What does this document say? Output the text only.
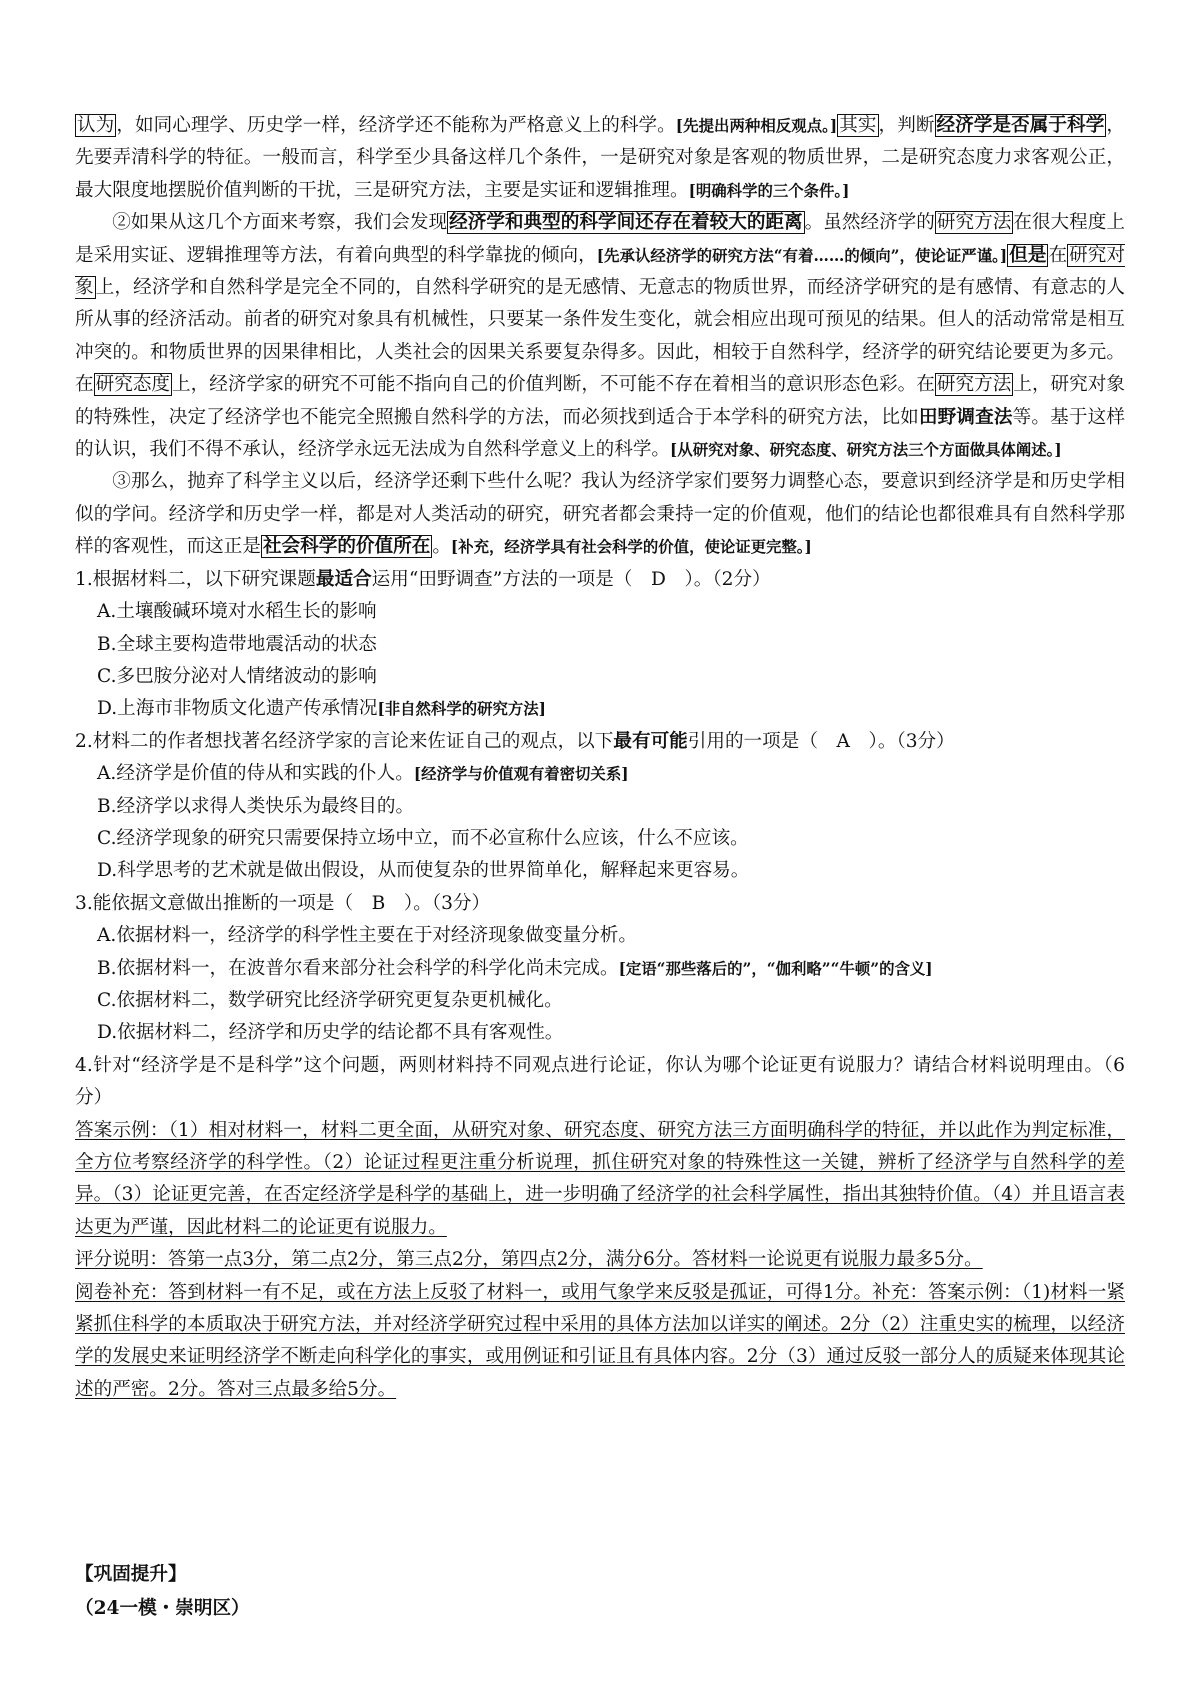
认为 ，如同心理学、历史学一样，经济学还不能称为严格意义上的科学。[先提出两种相反观点。] 其实 ，判断 经济学是否属于科学 ，先要弄清科学的特征。一般而言，科学至少具备这样几个条件，一是研究对象是客观的物质世界，二是研究态度力求客观公正，最大限度地摆脱价值判断的干扰，三是研究方法，主要是实证和逻辑推理。[明确科学的三个条件。]

②如果从这几个方面来考察，我们会发现 经济学和典型的科学间还存在着较大的距离 。虽然经济学的 研究方法 在很大程度上是采用实证、逻辑推理等方法，有着向典型的科学靠拢的倾向，[先承认经济学的研究方法“有着……的倾向”，使论证严谨。] 但是 在 研究对象 上，经济学和自然科学是完全不同的，自然科学研究的是无感情、无意志的物质世界，而经济学研究的是有感情、有意志的人所从事的经济活动。前者的研究对象具有机械性，只要某一条件发生变化，就会相应出现可预见的结果。但人的活动常常是相互冲突的。和物质世界的因果律相比，人类社会的因果关系要复杂得多。因此，相较于自然科学，经济学的研究结论要更为多元。在 研究态度 上，经济学家的研究不可能不指向自己的价值判断，不可能不存在着相当的意识形态色彩。在 研究方法 上，研究对象的特殊性，决定了经济学也不能完全照搬自然科学的方法，而必须找到适合于本学科的研究方法，比如田野调查法等。基于这样的认识，我们不得不承认，经济学永远无法成为自然科学意义上的科学。[从研究对象、研究态度、研究方法三个方面做具体阐述。]

③那么，抛弃了科学主义以后，经济学还剩下些什么呢？我认为经济学家们要努力调整心态，要意识到经济学是和历史学相似的学问。经济学和历史学一样，都是对人类活动的研究，研究者都会秉持一定的价值观，他们的结论也都很难具有自然科学那样的客观性，而这正是 社会科学的价值所在 。[补充，经济学具有社会科学的价值，使论证更完整。]

1.根据材料二，以下研究课题最适合运用“田野调查”方法的一项是（　D　）。（2分）

A.土壤酸碱环境对水稻生长的影响

B.全球主要构造带地震活动的状态

C.多巴胺分泌对人情绪波动的影响

D.上海市非物质文化遗产传承情况[非自然科学的研究方法]

2.材料二的作者想找著名经济学家的言论来佐证自己的观点，以下最有可能引用的一项是（　A　）。（3分）

A.经济学是价值的侍从和实践的仆人。[经济学与价值观有着密切关系]

B.经济学以求得人类快乐为最终目的。

C.经济学现象的研究只需要保持立场中立，而不必宣称什么应该，什么不应该。

D.科学思考的艺术就是做出假设，从而使复杂的世界简单化，解释起来更容易。

3.能依据文意做出推断的一项是（　B　）。（3分）

A.依据材料一，经济学的科学性主要在于对经济现象做变量分析。

B.依据材料一，在波普尔看来部分社会科学的科学化尚未完成。[定语“那些落后的”，“伽利略”“牛顿”的含义]

C.依据材料二，数学研究比经济学研究更复杂更机械化。

D.依据材料二，经济学和历史学的结论都不具有客观性。

4.针对“经济学是不是科学”这个问题，两则材料持不同观点进行论证，你认为哪个论证更有说服力？请结合材料说明理由。（6分）

答案示例：（1）相对材料一，材料二更全面，从研究对象、研究态度、研究方法三方面明确科学的特征，并以此作为判定标准，全方位考察经济学的科学性。（2）论证过程更注重分析说理，抓住研究对象的特殊性这一关键，辨析了经济学与自然科学的差异。（3）论证更完善，在否定经济学是科学的基础上，进一步明确了经济学的社会科学属性，指出其独特价值。（4）并且语言表达更为严谨，因此材料二的论证更有说服力。

评分说明：答第一点3分，第二点2分，第三点2分，第四点2分，满分6分。答材料一论说更有说服力最多5分。

阅卷补充：答到材料一有不足，或在方法上反驳了材料一，或用气象学来反驳是孤证，可得1分。补充：答案示例：（1)材料一紧紧抓住科学的本质取决于研究方法，并对经济学研究过程中采用的具体方法加以详实的阐述。2分（2）注重史实的梳理，以经济学的发展史来证明经济学不断走向科学化的事实，或用例证和引证且有具体内容。2分（3）通过反驳一部分人的质疑来体现其论述的严密。2分。答对三点最多给5分。

【巩固提升】

（24一模・崇明区）
